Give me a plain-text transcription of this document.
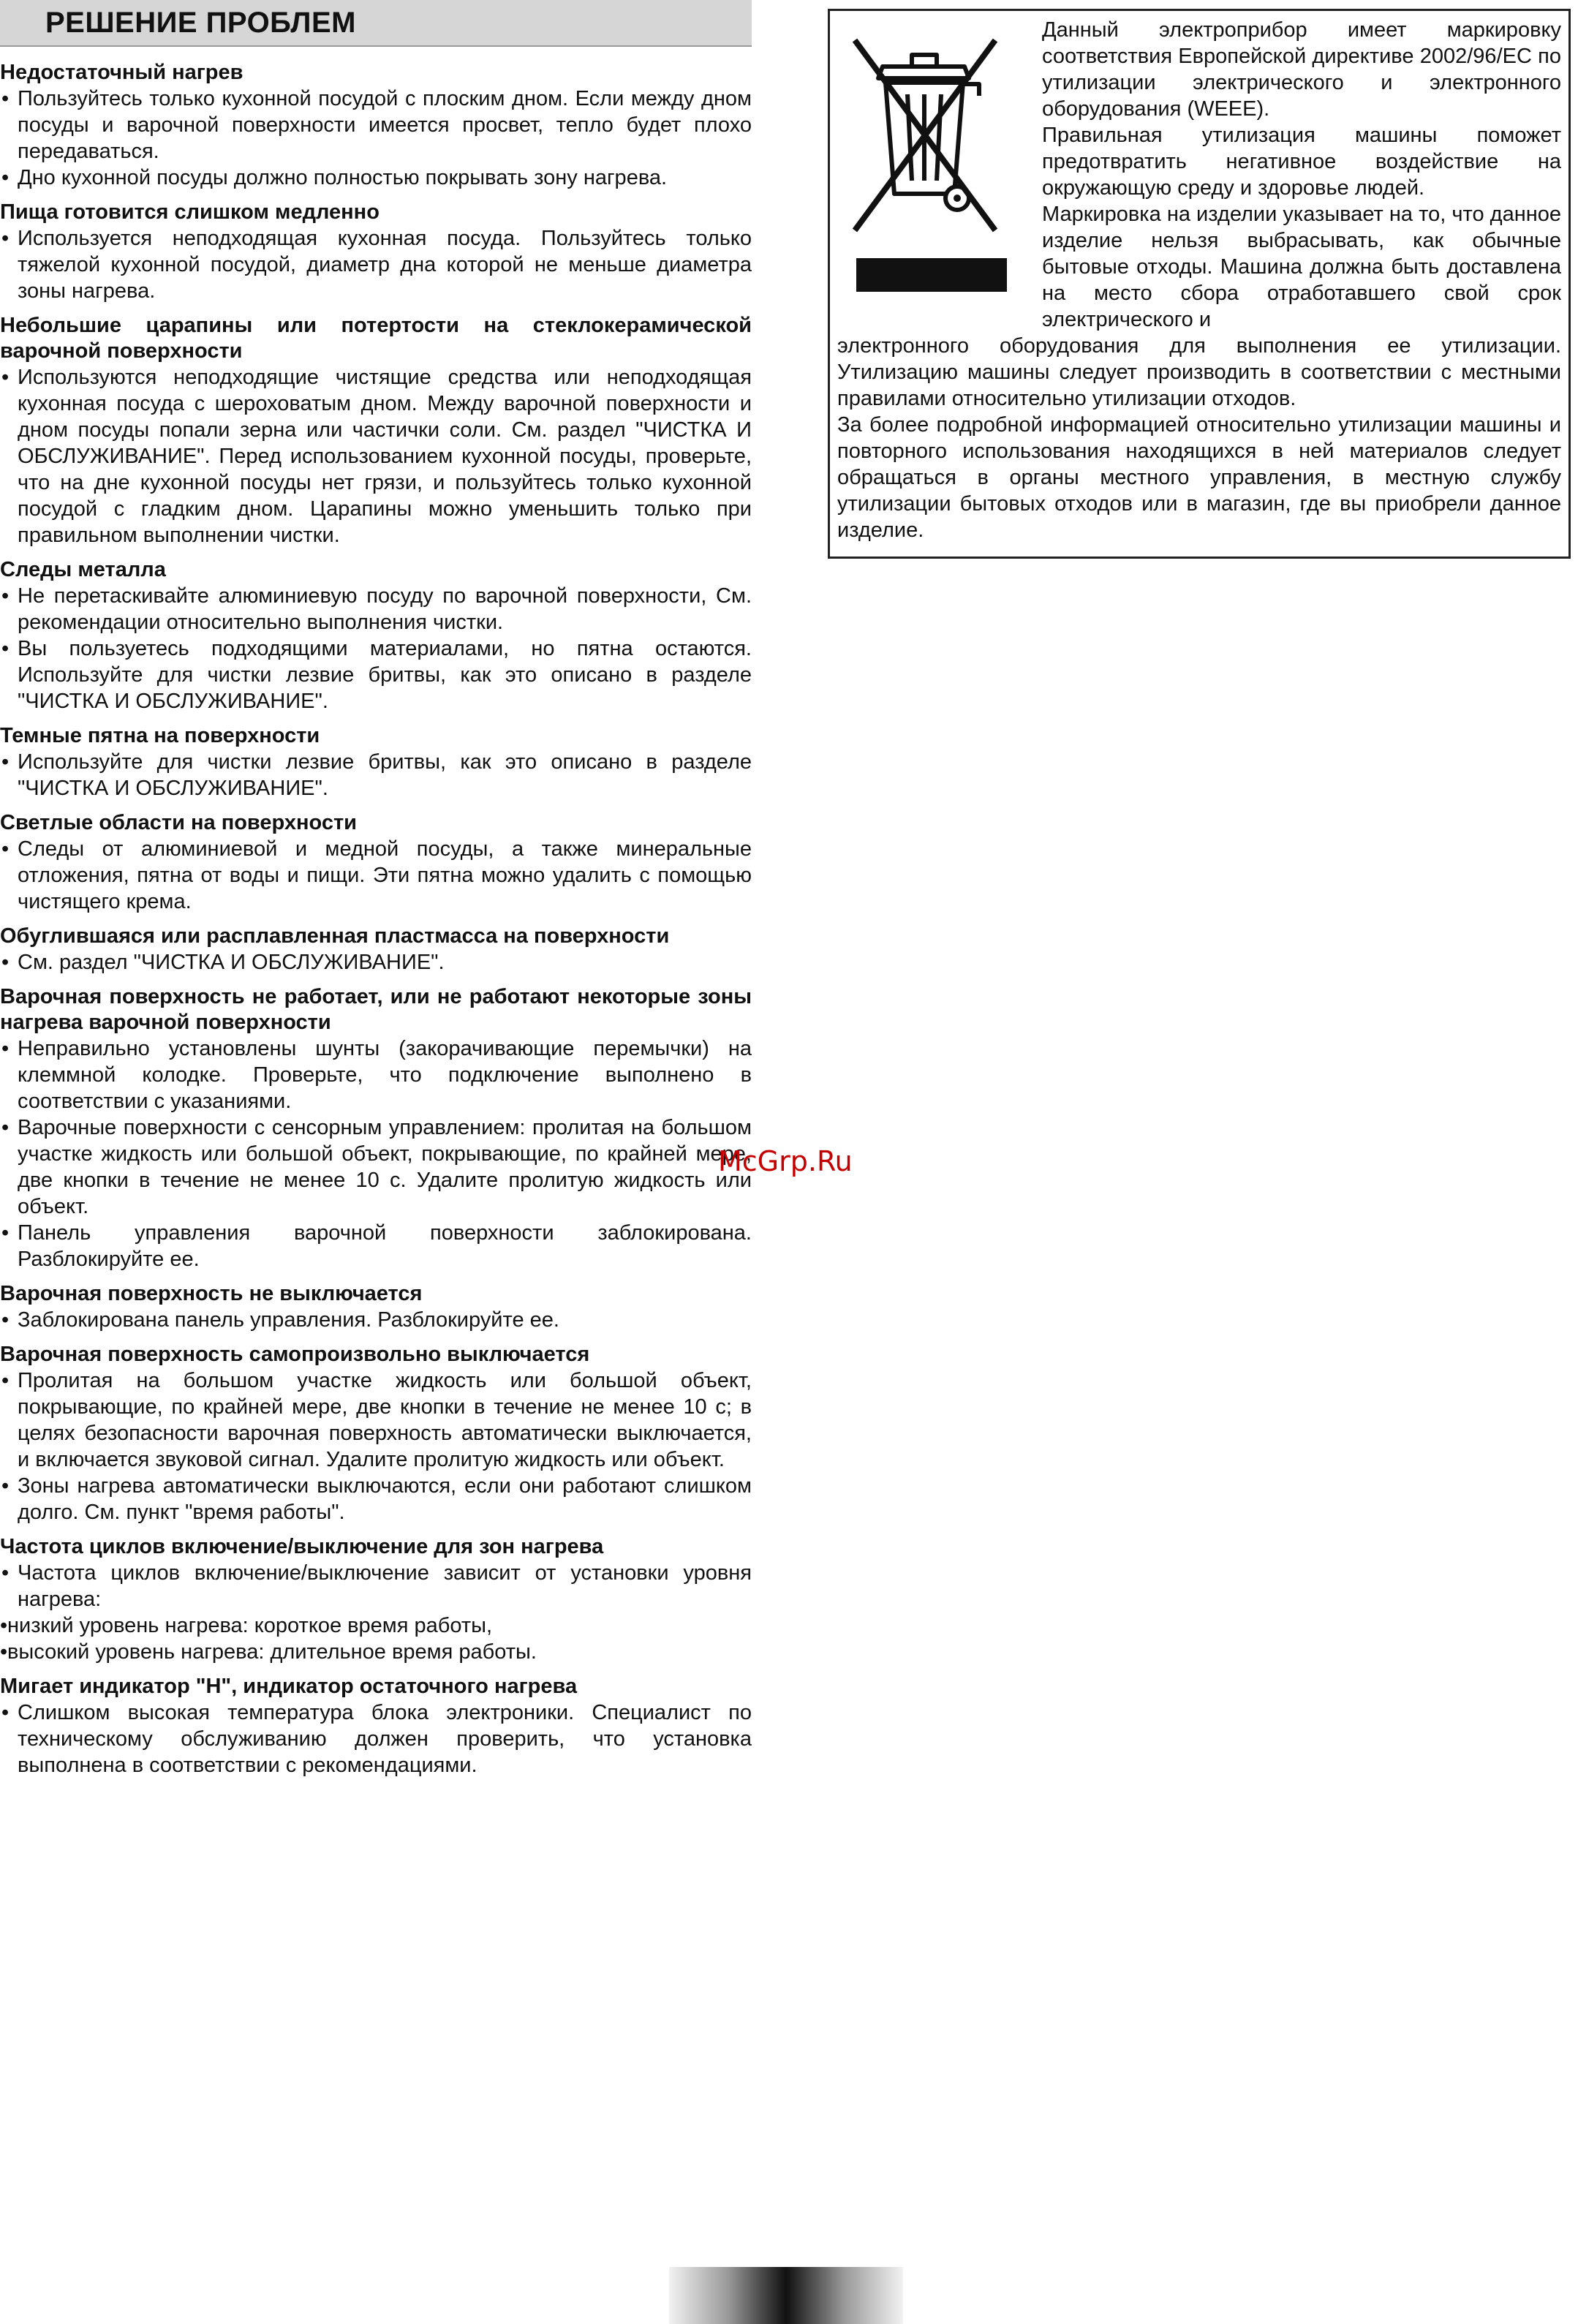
РЕШЕНИЕ ПРОБЛЕМ

Недостаточный нагрев

• Пользуйтесь только кухонной посудой с плоским дном. Если между дном посуды и варочной поверхности имеется просвет, тепло будет плохо передаваться.

• Дно кухонной посуды должно полностью покрывать зону нагрева.

Пища готовится слишком медленно

• Используется неподходящая кухонная посуда. Пользуйтесь только тяжелой кухонной посудой, диаметр дна которой не меньше диаметра зоны нагрева.

Небольшие царапины или потертости на стеклокерамической варочной поверхности

• Используются неподходящие чистящие средства или неподходящая кухонная посуда с шероховатым дном. Между варочной поверхности и дном посуды попали зерна или частички соли. См. раздел "ЧИСТКА И ОБСЛУЖИВАНИЕ". Перед использованием кухонной посуды, проверьте, что на дне кухонной посуды нет грязи, и пользуйтесь только кухонной посудой с гладким дном. Царапины можно уменьшить только при правильном выполнении чистки.

Следы металла

• Не перетаскивайте алюминиевую посуду по варочной поверхности, См. рекомендации относительно выполнения чистки.

• Вы пользуетесь подходящими материалами, но пятна остаются. Используйте для чистки лезвие бритвы, как это описано в разделе "ЧИСТКА И ОБСЛУЖИВАНИЕ".

Темные пятна на поверхности

• Используйте для чистки лезвие бритвы, как это описано в разделе "ЧИСТКА И ОБСЛУЖИВАНИЕ".

Светлые области на поверхности

• Следы от алюминиевой и медной посуды, а также минеральные отложения, пятна от воды и пищи. Эти пятна можно удалить с помощью чистящего крема.

Обуглившаяся или расплавленная пластмасса на поверхности

• См. раздел "ЧИСТКА И ОБСЛУЖИВАНИЕ".

Варочная поверхность не работает, или не работают некоторые зоны нагрева варочной поверхности

• Неправильно установлены шунты (закорачивающие перемычки) на клеммной колодке. Проверьте, что подключение выполнено в соответствии с указаниями.

• Варочные поверхности с сенсорным управлением: пролитая на большом участке жидкость или большой объект, покрывающие, по крайней мере, две кнопки в течение не менее 10 с. Удалите пролитую жидкость или объект.

• Панель управления варочной поверхности заблокирована. Разблокируйте ее.

Варочная поверхность не выключается

• Заблокирована панель управления. Разблокируйте ее.

Варочная поверхность самопроизвольно выключается

• Пролитая на большом участке жидкость или большой объект, покрывающие, по крайней мере, две кнопки в течение не менее 10 с; в целях безопасности варочная поверхность автоматически выключается, и включается звуковой сигнал. Удалите пролитую жидкость или объект.

• Зоны нагрева автоматически выключаются, если они работают слишком долго. См. пункт "время работы".

Частота циклов включение/выключение для зон нагрева

• Частота циклов включение/выключение зависит от установки уровня нагрева:

• низкий уровень нагрева: короткое время работы,

• высокий уровень нагрева: длительное время работы.

Мигает индикатор "H", индикатор остаточного нагрева

• Слишком высокая температура блока электроники. Специалист по техническому обслуживанию должен проверить, что установка выполнена в соответствии с рекомендациями.

Данный электроприбор имеет маркировку соответствия Европейской директиве 2002/96/EC по утилизации электрического и электронного оборудования (WEEE).

Правильная утилизация машины поможет предотвратить негативное воздействие на окружающую среду и здоровье людей.

Маркировка на изделии указывает на то, что данное изделие нельзя выбрасывать, как обычные бытовые отходы. Машина должна быть доставлена на место сбора отработавшего свой срок электрического и

электронного оборудования для выполнения ее утилизации. Утилизацию машины следует производить в соответствии с местными правилами относительно утилизации отходов.

За более подробной информацией относительно утилизации машины и повторного использования находящихся в ней материалов следует обращаться в органы местного управления, в местную службу утилизации бытовых отходов или в магазин, где вы приобрели данное изделие.

McGrp.Ru
